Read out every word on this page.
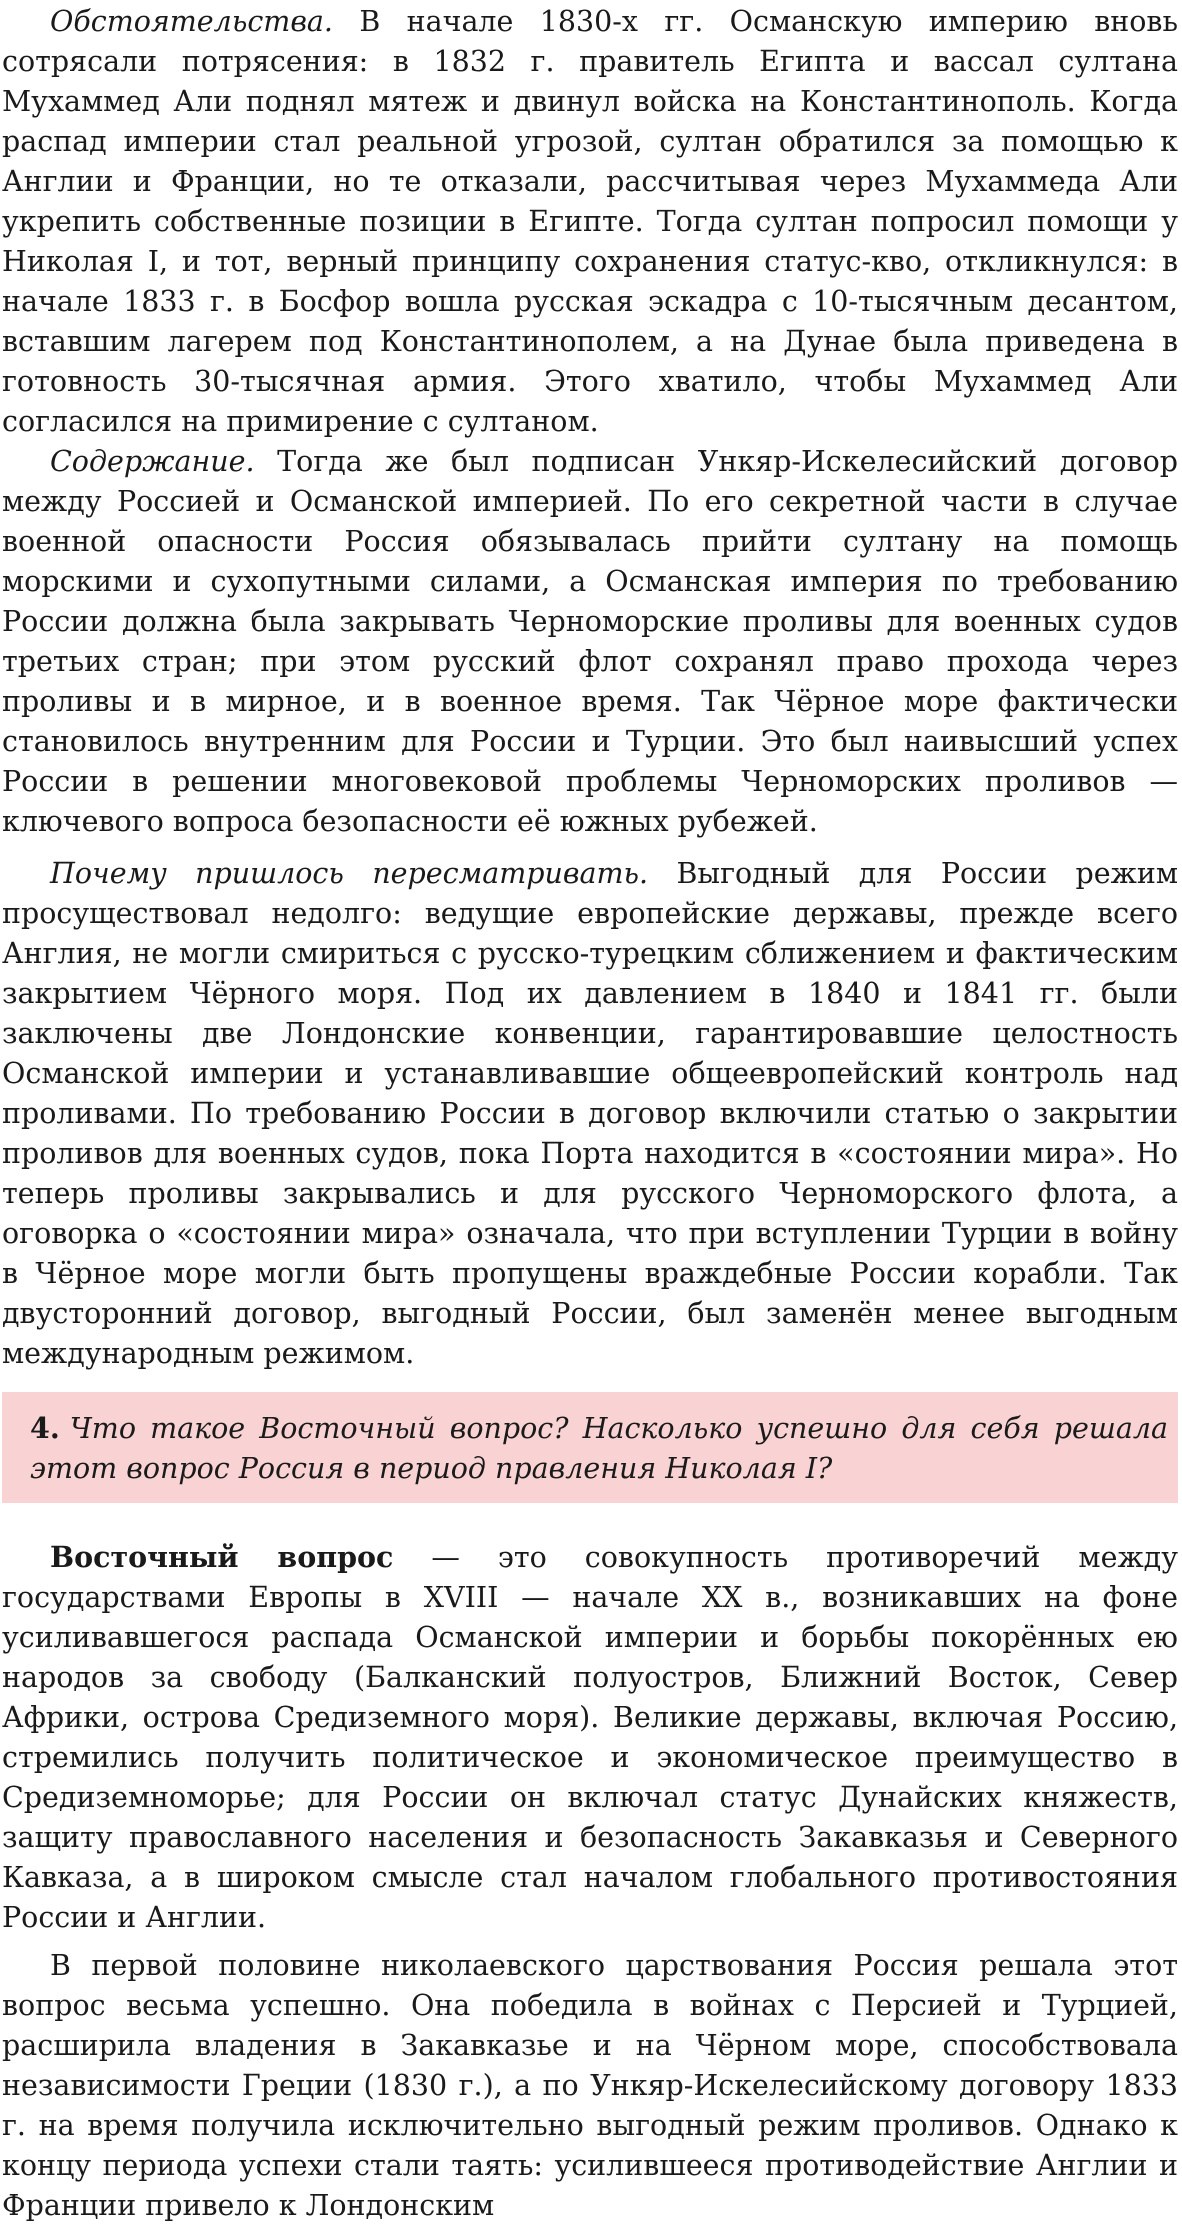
Обстоятельства. В начале 1830-х гг. Османскую империю вновь сотрясали потрясения: в 1832 г. правитель Египта и вассал султана Мухаммед Али поднял мятеж и двинул войска на Константинополь. Когда распад империи стал реальной угрозой, султан обратился за помощью к Англии и Франции, но те отказали, рассчитывая через Мухаммеда Али укрепить собственные позиции в Египте. Тогда султан попросил помощи у Николая I, и тот, верный принципу сохранения статус-кво, откликнулся: в начале 1833 г. в Босфор вошла русская эскадра с 10-тысячным десантом, вставшим лагерем под Константинополем, а на Дунае была приведена в готовность 30-тысячная армия. Этого хватило, чтобы Мухаммед Али согласился на примирение с султаном.

Содержание. Тогда же был подписан Ункяр-Искелесийский договор между Россией и Османской империей. По его секретной части в случае военной опасности Россия обязывалась прийти султану на помощь морскими и сухопутными силами, а Османская империя по требованию России должна была закрывать Черноморские проливы для военных судов третьих стран; при этом русский флот сохранял право прохода через проливы и в мирное, и в военное время. Так Чёрное море фактически становилось внутренним для России и Турции. Это был наивысший успех России в решении многовековой проблемы Черноморских проливов — ключевого вопроса безопасности её южных рубежей.

Почему пришлось пересматривать. Выгодный для России режим просуществовал недолго: ведущие европейские державы, прежде всего Англия, не могли смириться с русско-турецким сближением и фактическим закрытием Чёрного моря. Под их давлением в 1840 и 1841 гг. были заключены две Лондонские конвенции, гарантировавшие целостность Османской империи и устанавливавшие общеевропейский контроль над проливами. По требованию России в договор включили статью о закрытии проливов для военных судов, пока Порта находится в «состоянии мира». Но теперь проливы закрывались и для русского Черноморского флота, а оговорка о «состоянии мира» означала, что при вступлении Турции в войну в Чёрное море могли быть пропущены враждебные России корабли. Так двусторонний договор, выгодный России, был заменён менее выгодным международным режимом.

4. Что такое Восточный вопрос? Насколько успешно для себя решала этот вопрос Россия в период правления Николая I?

Восточный вопрос — это совокупность противоречий между государствами Европы в XVIII — начале XX в., возникавших на фоне усиливавшегося распада Османской империи и борьбы покорённых ею народов за свободу (Балканский полуостров, Ближний Восток, Север Африки, острова Средиземного моря). Великие державы, включая Россию, стремились получить политическое и экономическое преимущество в Средиземноморье; для России он включал статус Дунайских княжеств, защиту православного населения и безопасность Закавказья и Северного Кавказа, а в широком смысле стал началом глобального противостояния России и Англии.

В первой половине николаевского царствования Россия решала этот вопрос весьма успешно. Она победила в войнах с Персией и Турцией, расширила владения в Закавказье и на Чёрном море, способствовала независимости Греции (1830 г.), а по Ункяр-Искелесийскому договору 1833 г. на время получила исключительно выгодный режим проливов. Однако к концу периода успехи стали таять: усилившееся противодействие Англии и Франции привело к Лондонским
